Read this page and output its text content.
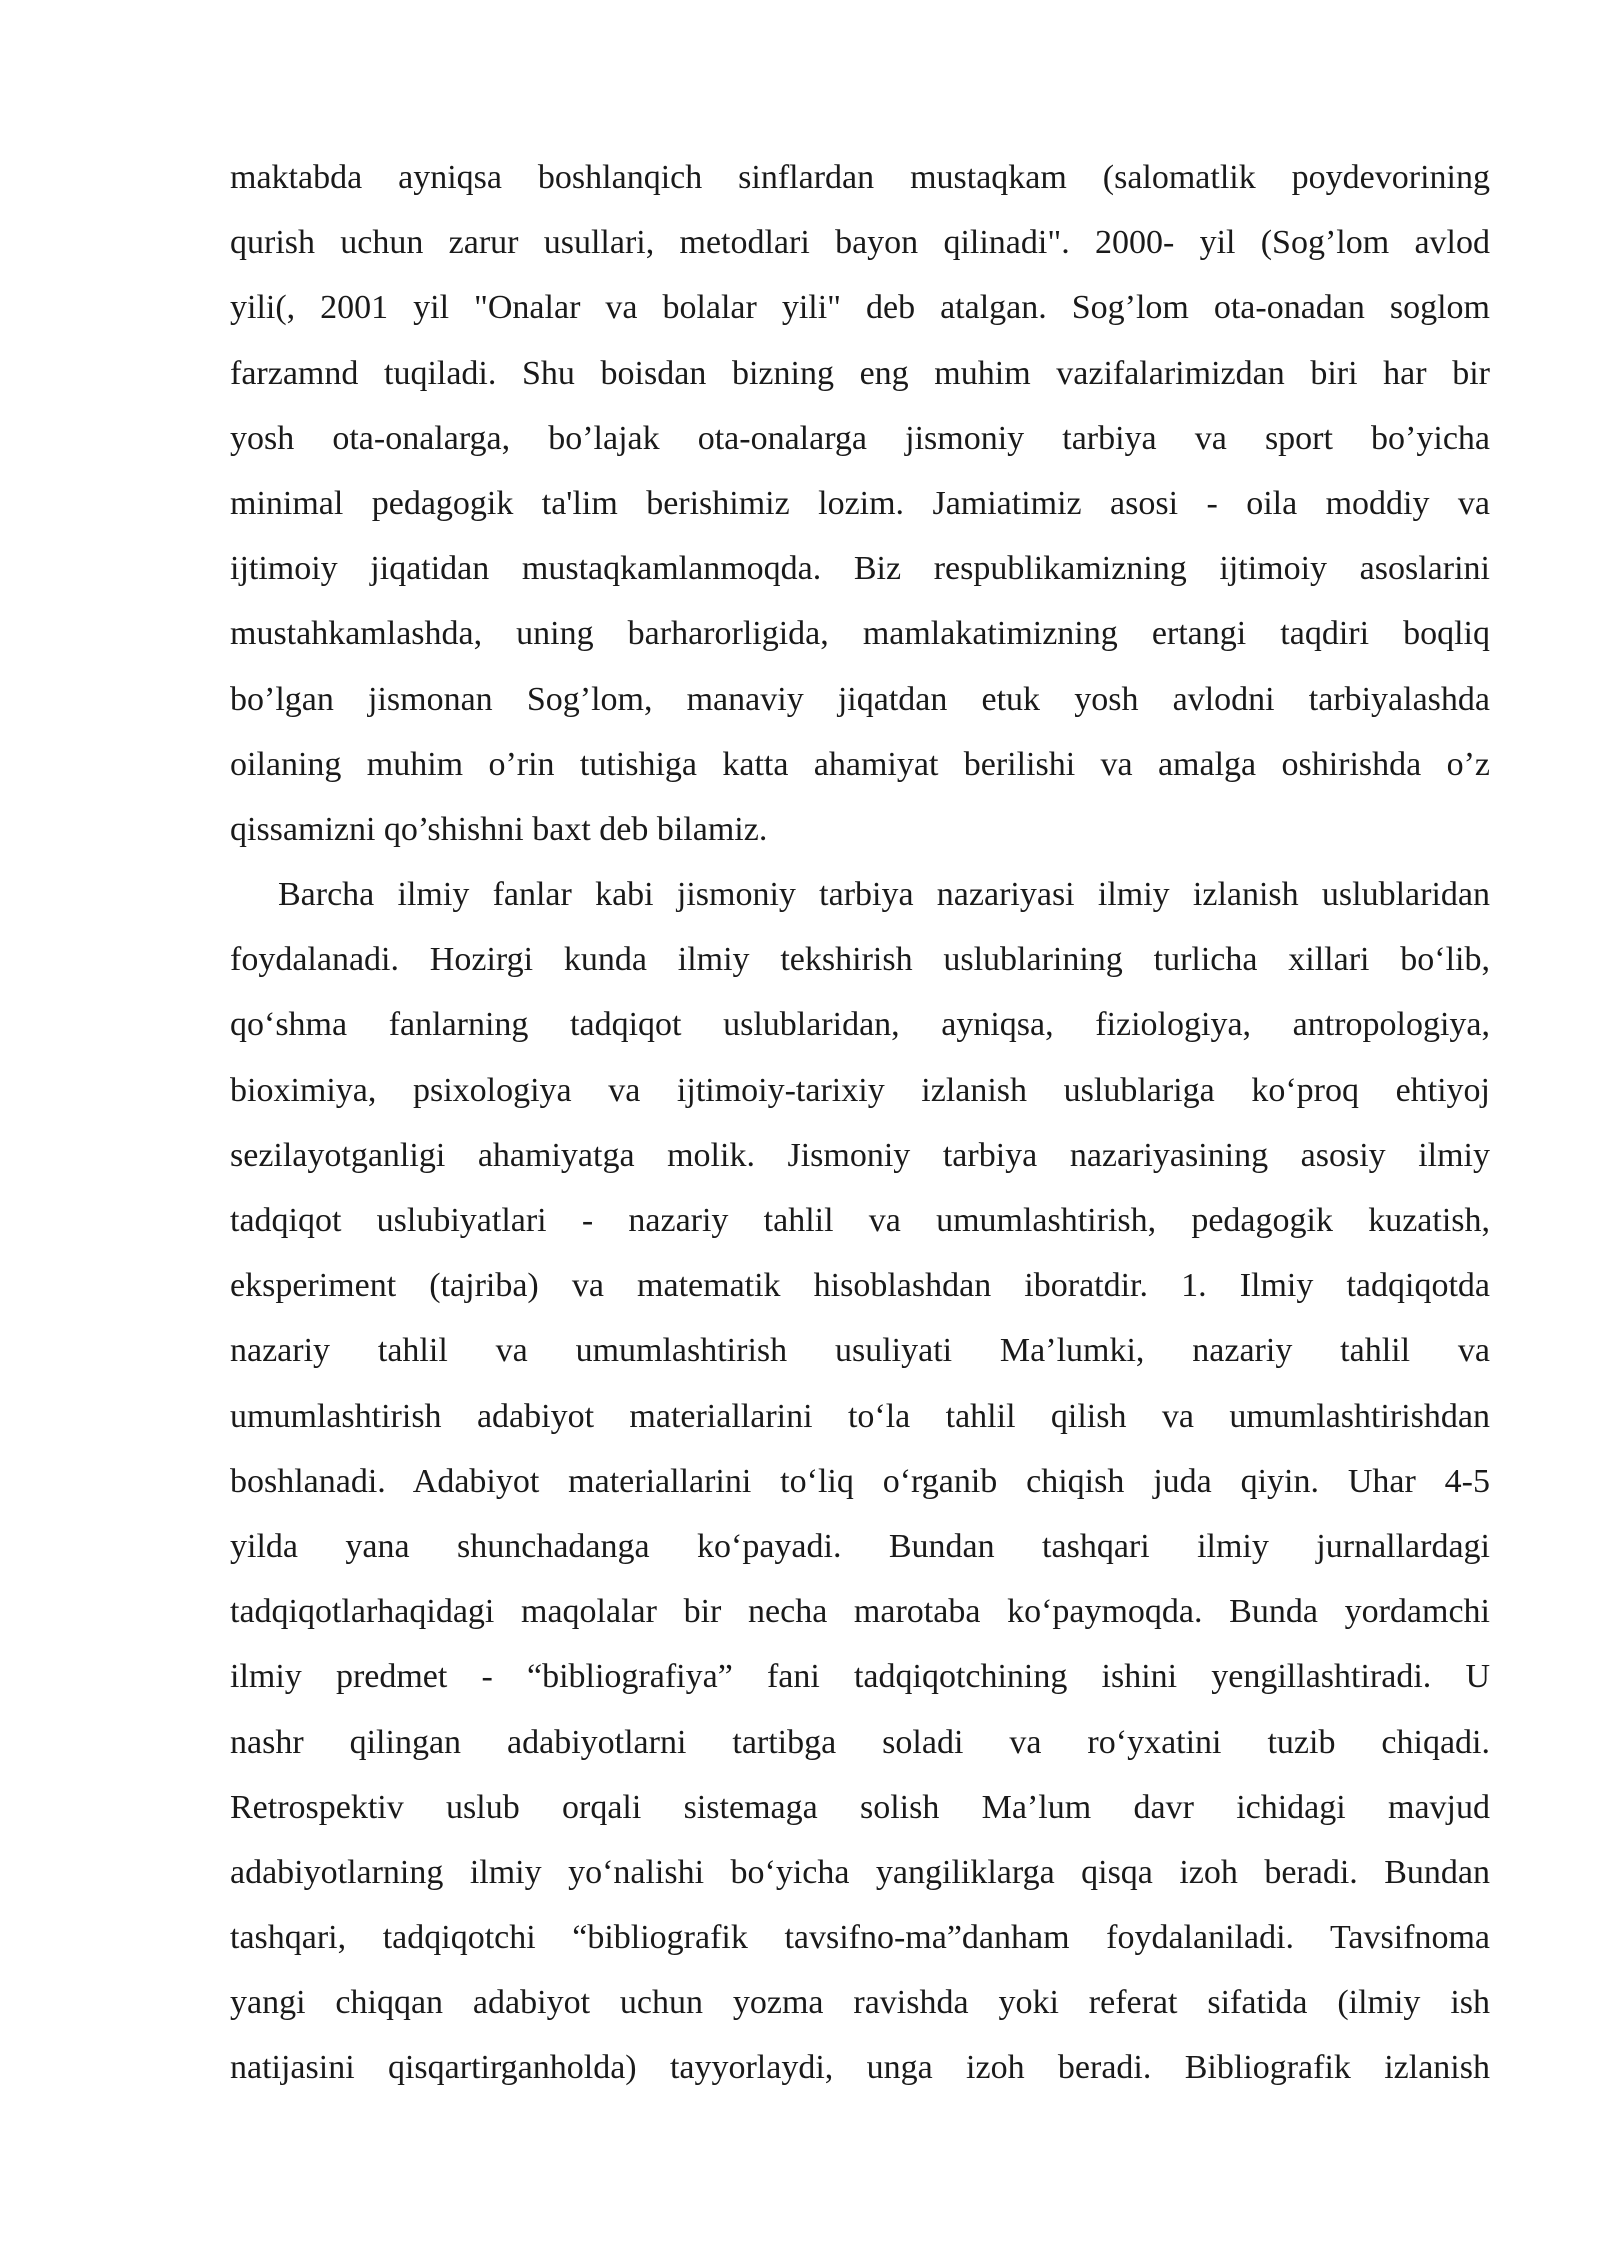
maktabda ayniqsa boshlanqich sinflardan mustaqkam (salomatlik poydevorining
qurish uchun zarur usullari, metodlari bayon qilinadi". 2000- yil (Sog’lom avlod
yili(, 2001 yil "Onalar va bolalar yili" deb atalgan. Sog’lom ota-onadan soglom
farzamnd tuqiladi. Shu boisdan bizning eng muhim vazifalarimizdan biri har bir
yosh ota-onalarga, bo’lajak ota-onalarga jismoniy tarbiya va sport bo’yicha
minimal pedagogik ta'lim berishimiz lozim. Jamiatimiz asosi - oila moddiy va
ijtimoiy jiqatidan mustaqkamlanmoqda. Biz respublikamizning ijtimoiy asoslarini
mustahkamlashda, uning barharorligida, mamlakatimizning ertangi taqdiri boqliq
bo’lgan jismonan Sog’lom, manaviy jiqatdan etuk yosh avlodni tarbiyalashda
oilaning muhim o’rin tutishiga katta ahamiyat berilishi va amalga oshirishda o’z
qissamizni qo’shishni baxt deb bilamiz.
Barcha ilmiy fanlar kabi jismoniy tarbiya nazariyasi ilmiy izlanish uslublaridan
foydalanadi. Hozirgi kunda ilmiy tekshirish uslublarining turlicha xillari bo‘lib,
qo‘shma fanlarning tadqiqot uslublaridan, ayniqsa, fiziologiya, antropologiya,
bioximiya, psixologiya va ijtimoiy-tarixiy izlanish uslublariga ko‘proq ehtiyoj
sezilayotganligi ahamiyatga molik. Jismoniy tarbiya nazariyasining asosiy ilmiy
tadqiqot uslubiyatlari - nazariy tahlil va umumlashtirish, pedagogik kuzatish,
eksperiment (tajriba) va matematik hisoblashdan iboratdir. 1. Ilmiy tadqiqotda
nazariy tahlil va umumlashtirish usuliyati Ma’lumki, nazariy tahlil va
umumlashtirish adabiyot materiallarini to‘la tahlil qilish va umumlashtirishdan
boshlanadi. Adabiyot materiallarini to‘liq o‘rganib chiqish juda qiyin. Uhar 4-5
yilda yana shunchadanga ko‘payadi. Bundan tashqari ilmiy jurnallardagi
tadqiqotlarhaqidagi maqolalar bir necha marotaba ko‘paymoqda. Bunda yordamchi
ilmiy predmet - “bibliografiya” fani tadqiqotchining ishini yengillashtiradi. U
nashr qilingan adabiyotlarni tartibga soladi va ro‘yxatini tuzib chiqadi.
Retrospektiv uslub orqali sistemaga solish Ma’lum davr ichidagi mavjud
adabiyotlarning ilmiy yo‘nalishi bo‘yicha yangiliklarga qisqa izoh beradi. Bundan
tashqari, tadqiqotchi “bibliografik tavsifno-ma”danham foydalaniladi. Tavsifnoma
yangi chiqqan adabiyot uchun yozma ravishda yoki referat sifatida (ilmiy ish
natijasini qisqartirganholda) tayyorlaydi, unga izoh beradi. Bibliografik izlanish
